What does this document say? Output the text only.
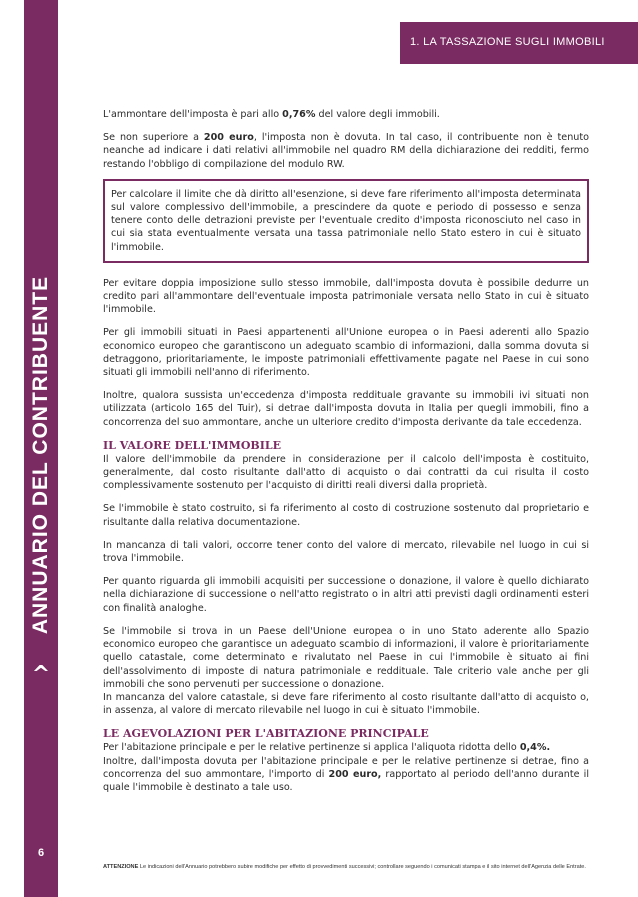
ANNUARIO DEL CONTRIBUENTE
^
6
1. LA TASSAZIONE SUGLI IMMOBILI

L'ammontare dell'imposta è pari allo 0,76% del valore degli immobili.

Se non superiore a 200 euro, l'imposta non è dovuta. In tal caso, il contribuente non è tenuto neanche ad indicare i dati relativi all'immobile nel quadro RM della dichiarazione dei redditi, fermo restando l'obbligo di compilazione del modulo RW.

Per calcolare il limite che dà diritto all'esenzione, si deve fare riferimento all'imposta determinata sul valore complessivo dell'immobile, a prescindere da quote e periodo di possesso e senza tenere conto delle detrazioni previste per l'eventuale credito d'imposta riconosciuto nel caso in cui sia stata eventualmente versata una tassa patrimoniale nello Stato estero in cui è situato l'immobile.

Per evitare doppia imposizione sullo stesso immobile, dall'imposta dovuta è possibile dedurre un credito pari all'ammontare dell'eventuale imposta patrimoniale versata nello Stato in cui è situato l'immobile.

Per gli immobili situati in Paesi appartenenti all'Unione europea o in Paesi aderenti allo Spazio economico europeo che garantiscono un adeguato scambio di informazioni, dalla somma dovuta si detraggono, prioritariamente, le imposte patrimoniali effettivamente pagate nel Paese in cui sono situati gli immobili nell'anno di riferimento.

Inoltre, qualora sussista un'eccedenza d'imposta reddituale gravante su immobili ivi situati non utilizzata (articolo 165 del Tuir), si detrae dall'imposta dovuta in Italia per quegli immobili, fino a concorrenza del suo ammontare, anche un ulteriore credito d'imposta derivante da tale eccedenza.

IL VALORE DELL'IMMOBILE

Il valore dell'immobile da prendere in considerazione per il calcolo dell'imposta è costituito, generalmente, dal costo risultante dall'atto di acquisto o dai contratti da cui risulta il costo complessivamente sostenuto per l'acquisto di diritti reali diversi dalla proprietà.

Se l'immobile è stato costruito, si fa riferimento al costo di costruzione sostenuto dal proprietario e risultante dalla relativa documentazione.

In mancanza di tali valori, occorre tener conto del valore di mercato, rilevabile nel luogo in cui si trova l'immobile.

Per quanto riguarda gli immobili acquisiti per successione o donazione, il valore è quello dichiarato nella dichiarazione di successione o nell'atto registrato o in altri atti previsti dagli ordinamenti esteri con finalità analoghe.

Se l'immobile si trova in un Paese dell'Unione europea o in uno Stato aderente allo Spazio economico europeo che garantisce un adeguato scambio di informazioni, il valore è prioritariamente quello catastale, come determinato e rivalutato nel Paese in cui l'immobile è situato ai fini dell'assolvimento di imposte di natura patrimoniale e reddituale. Tale criterio vale anche per gli immobili che sono pervenuti per successione o donazione.

In mancanza del valore catastale, si deve fare riferimento al costo risultante dall'atto di acquisto o, in assenza, al valore di mercato rilevabile nel luogo in cui è situato l'immobile.

LE AGEVOLAZIONI PER L'ABITAZIONE PRINCIPALE

Per l'abitazione principale e per le relative pertinenze si applica l'aliquota ridotta dello 0,4%.

Inoltre, dall'imposta dovuta per l'abitazione principale e per le relative pertinenze si detrae, fino a concorrenza del suo ammontare, l'importo di 200 euro, rapportato al periodo dell'anno durante il quale l'immobile è destinato a tale uso.

ATTENZIONE Le indicazioni dell'Annuario potrebbero subire modifiche per effetto di provvedimenti successivi; controllare seguendo i comunicati stampa e il sito internet dell'Agenzia delle Entrate.
